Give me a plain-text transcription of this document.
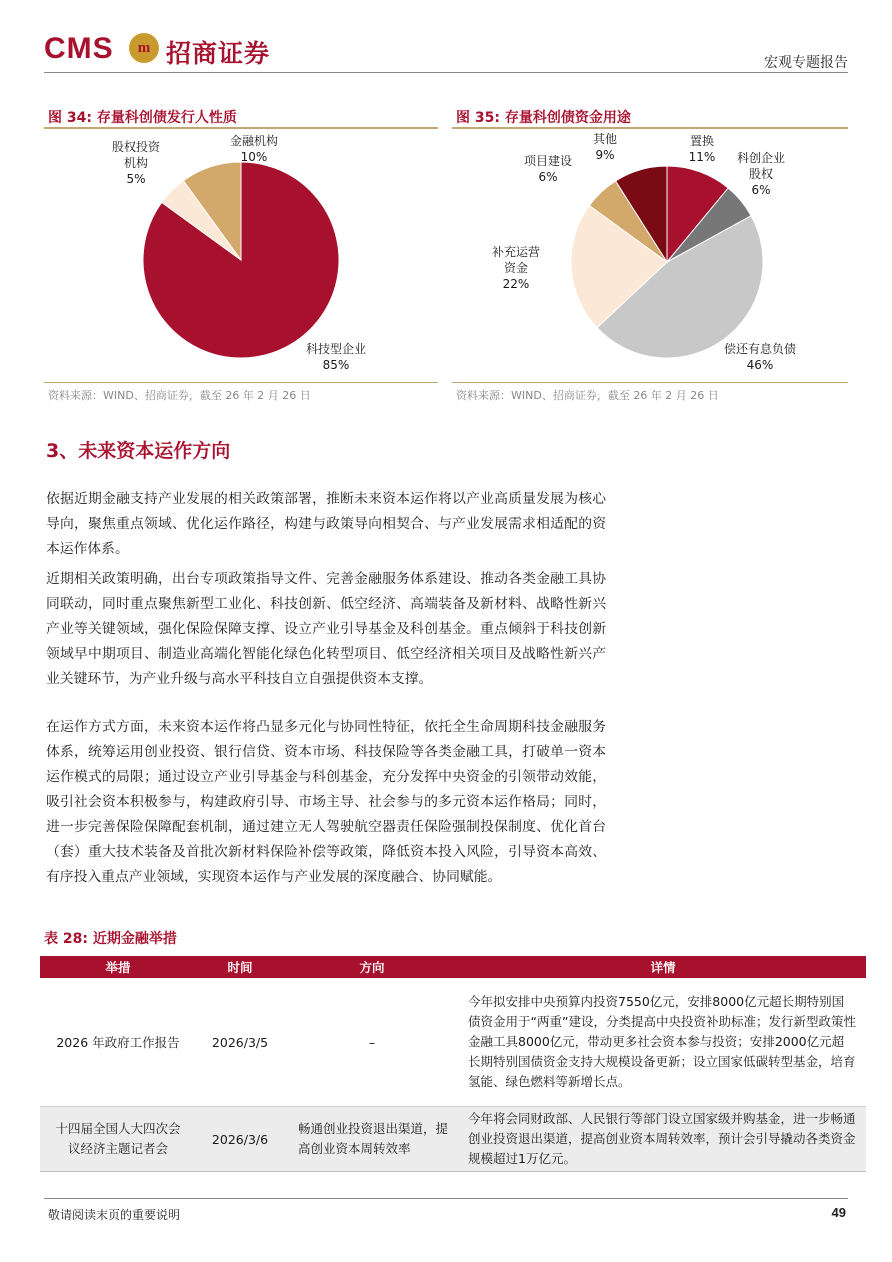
CMS	m 招商证券	宏观专题报告
图 34: 存量科创债发行人性质
金融机构
10%
股权投资
机构
5%
科技型企业
85%
资料来源：WIND、招商证券，截至 26 年 2 月 26 日
图 35: 存量科创债资金用途
其他
9%
置换
11%	科创企业
股权
6%
项目建设
6%
补充运营
资金
22%
偿还有息负债
46%
资料来源：WIND、招商证券，截至 26 年 2 月 26 日
3、未来资本运作方向

依据近期金融支持产业发展的相关政策部署，推断未来资本运作将以产业高质量发展为核心导向，聚焦重点领域、优化运作路径，构建与政策导向相契合、与产业发展需求相适配的资本运作体系。

近期相关政策明确，出台专项政策指导文件、完善金融服务体系建设、推动各类金融工具协同联动，同时重点聚焦新型工业化、科技创新、低空经济、高端装备及新材料、战略性新兴产业等关键领域，强化保险保障支撑、设立产业引导基金及科创基金。重点倾斜于科技创新领域早中期项目、制造业高端化智能化绿色化转型项目、低空经济相关项目及战略性新兴产业关键环节，为产业升级与高水平科技自立自强提供资本支撑。

在运作方式方面，未来资本运作将凸显多元化与协同性特征，依托全生命周期科技金融服务体系，统筹运用创业投资、银行信贷、资本市场、科技保险等各类金融工具，打破单一资本运作模式的局限；通过设立产业引导基金与科创基金，充分发挥中央资金的引领带动效能，吸引社会资本积极参与，构建政府引导、市场主导、社会参与的多元资本运作格局；同时，进一步完善保险保障配套机制，通过建立无人驾驶航空器责任保险强制投保制度、优化首台（套）重大技术装备及首批次新材料保险补偿等政策，降低资本投入风险，引导资本高效、有序投入重点产业领域，实现资本运作与产业发展的深度融合、协同赋能。

表 28: 近期金融举措
举措	时间	方向	详情
2026 年政府工作报告	2026/3/5	–	今年拟安排中央预算内投资7550亿元，安排8000亿元超长期特别国债资金用于“两重”建设，分类提高中央投资补助标准；发行新型政策性金融工具8000亿元，带动更多社会资本参与投资；安排2000亿元超长期特别国债资金支持大规模设备更新；设立国家低碳转型基金，培育氢能、绿色燃料等新增长点。
十四届全国人大四次会议经济主题记者会	2026/3/6	畅通创业投资退出渠道，提高创业资本周转效率	今年将会同财政部、人民银行等部门设立国家级并购基金，进一步畅通创业投资退出渠道，提高创业资本周转效率，预计会引导撬动各类资金规模超过1万亿元。
敬请阅读末页的重要说明	49
